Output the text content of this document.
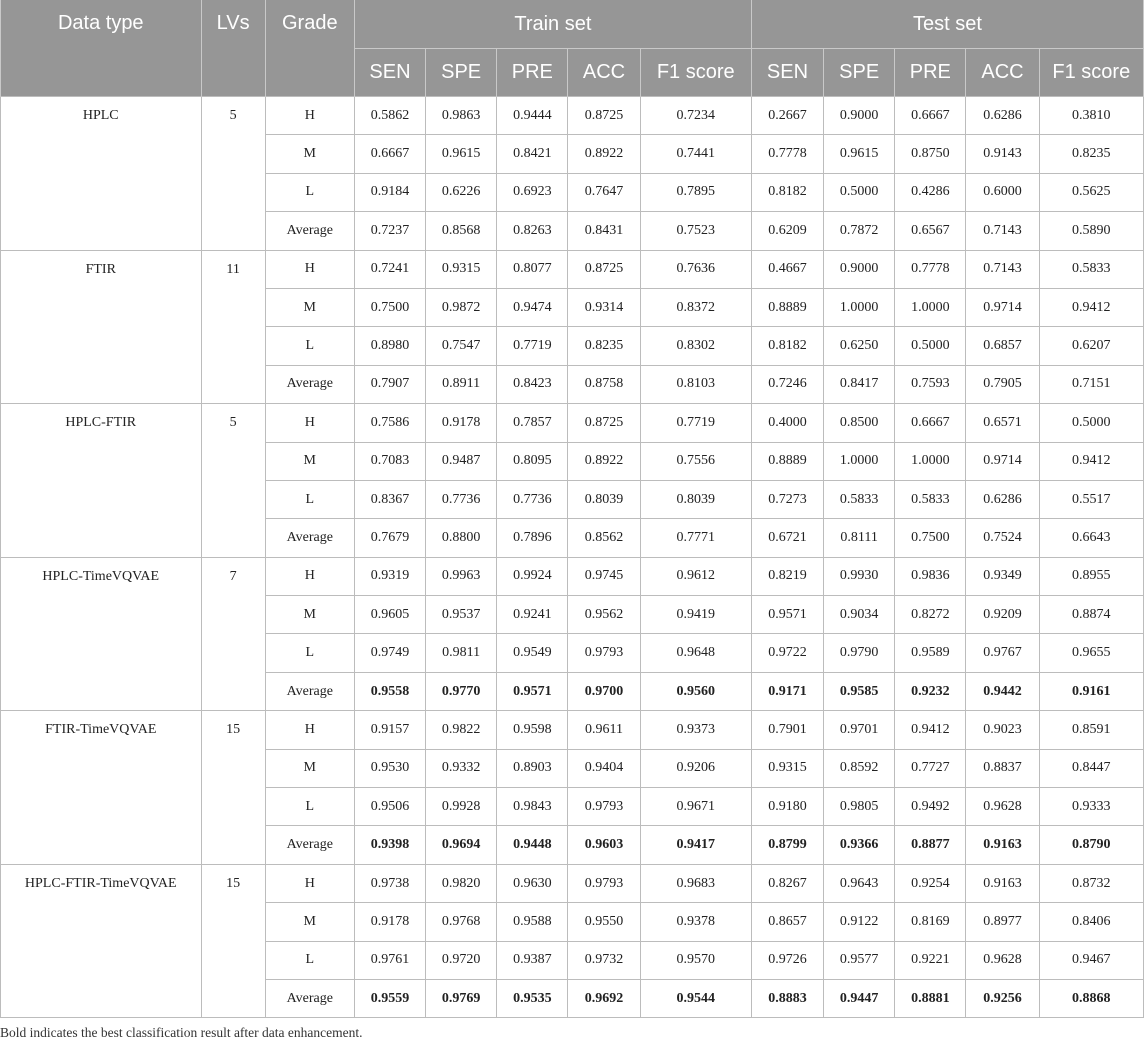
Data type	LVs	Grade	Train set					Test set				
			SEN	SPE	PRE	ACC	F1 score	SEN	SPE	PRE	ACC	F1 score
HPLC	5	H	0.5862	0.9863	0.9444	0.8725	0.7234	0.2667	0.9000	0.6667	0.6286	0.3810
		M	0.6667	0.9615	0.8421	0.8922	0.7441	0.7778	0.9615	0.8750	0.9143	0.8235
		L	0.9184	0.6226	0.6923	0.7647	0.7895	0.8182	0.5000	0.4286	0.6000	0.5625
		Average	0.7237	0.8568	0.8263	0.8431	0.7523	0.6209	0.7872	0.6567	0.7143	0.5890
FTIR	11	H	0.7241	0.9315	0.8077	0.8725	0.7636	0.4667	0.9000	0.7778	0.7143	0.5833
		M	0.7500	0.9872	0.9474	0.9314	0.8372	0.8889	1.0000	1.0000	0.9714	0.9412
		L	0.8980	0.7547	0.7719	0.8235	0.8302	0.8182	0.6250	0.5000	0.6857	0.6207
		Average	0.7907	0.8911	0.8423	0.8758	0.8103	0.7246	0.8417	0.7593	0.7905	0.7151
HPLC-FTIR	5	H	0.7586	0.9178	0.7857	0.8725	0.7719	0.4000	0.8500	0.6667	0.6571	0.5000
		M	0.7083	0.9487	0.8095	0.8922	0.7556	0.8889	1.0000	1.0000	0.9714	0.9412
		L	0.8367	0.7736	0.7736	0.8039	0.8039	0.7273	0.5833	0.5833	0.6286	0.5517
		Average	0.7679	0.8800	0.7896	0.8562	0.7771	0.6721	0.8111	0.7500	0.7524	0.6643
HPLC-TimeVQVAE	7	H	0.9319	0.9963	0.9924	0.9745	0.9612	0.8219	0.9930	0.9836	0.9349	0.8955
		M	0.9605	0.9537	0.9241	0.9562	0.9419	0.9571	0.9034	0.8272	0.9209	0.8874
		L	0.9749	0.9811	0.9549	0.9793	0.9648	0.9722	0.9790	0.9589	0.9767	0.9655
		Average	0.9558	0.9770	0.9571	0.9700	0.9560	0.9171	0.9585	0.9232	0.9442	0.9161
FTIR-TimeVQVAE	15	H	0.9157	0.9822	0.9598	0.9611	0.9373	0.7901	0.9701	0.9412	0.9023	0.8591
		M	0.9530	0.9332	0.8903	0.9404	0.9206	0.9315	0.8592	0.7727	0.8837	0.8447
		L	0.9506	0.9928	0.9843	0.9793	0.9671	0.9180	0.9805	0.9492	0.9628	0.9333
		Average	0.9398	0.9694	0.9448	0.9603	0.9417	0.8799	0.9366	0.8877	0.9163	0.8790
HPLC-FTIR-TimeVQVAE	15	H	0.9738	0.9820	0.9630	0.9793	0.9683	0.8267	0.9643	0.9254	0.9163	0.8732
		M	0.9178	0.9768	0.9588	0.9550	0.9378	0.8657	0.9122	0.8169	0.8977	0.8406
		L	0.9761	0.9720	0.9387	0.9732	0.9570	0.9726	0.9577	0.9221	0.9628	0.9467
		Average	0.9559	0.9769	0.9535	0.9692	0.9544	0.8883	0.9447	0.8881	0.9256	0.8868
Bold indicates the best classification result after data enhancement.
